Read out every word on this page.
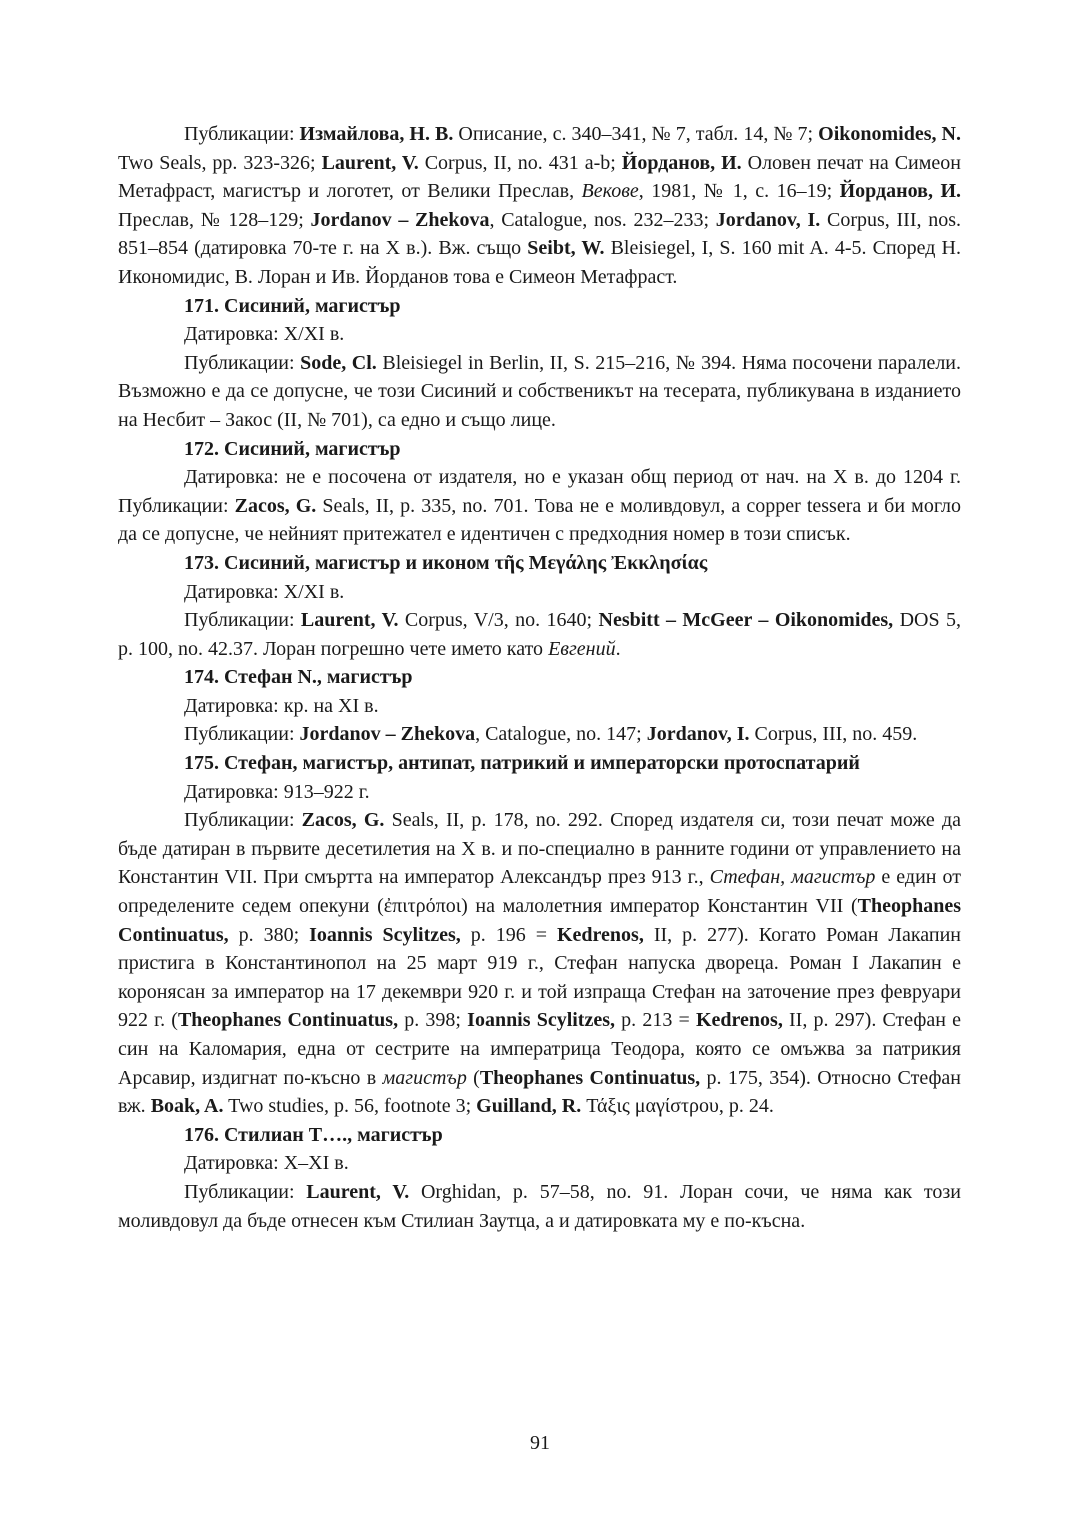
Публикации: Измайлова, Н. В. Описание, с. 340–341, № 7, табл. 14, № 7; Oikonomides, N. Two Seals, pp. 323-326; Laurent, V. Corpus, II, no. 431 a-b; Йорданов, И. Оловен печат на Симеон Метафраст, магистър и логотет, от Велики Преслав, Векове, 1981, № 1, с. 16–19; Йорданов, И. Преслав, № 128–129; Jordanov – Zhekova, Catalogue, nos. 232–233; Jordanov, I. Corpus, III, nos. 851–854 (датировка 70-те г. на X в.). Вж. също Seibt, W. Bleisiegel, I, S. 160 mit A. 4-5. Според Н. Икономидис, В. Лоран и Ив. Йорданов това е Симеон Метафраст.

171. Сисиний, магистър

Датировка: X/XI в.

Публикации: Sode, Cl. Bleisiegel in Berlin, II, S. 215–216, № 394. Няма посочени паралели. Възможно е да се допусне, че този Сисиний и собственикът на тесерата, публикувана в изданието на Несбит – Закос (II, № 701), са едно и също лице.

172. Сисиний, магистър

Датировка: не е посочена от издателя, но е указан общ период от нач. на X в. до 1204 г. Публикации: Zacos, G. Seals, II, p. 335, no. 701. Това не е моливдовул, а copper tessera и би могло да се допусне, че нейният притежател е идентичен с предходния номер в този списък.

173. Сисиний, магистър и иконом τῆς Μεγάλης Ἐκκλησίας

Датировка: X/XI в.

Публикации: Laurent, V. Corpus, V/3, no. 1640; Nesbitt – McGeer – Oikonomides, DOS 5, p. 100, no. 42.37. Лоран погрешно чете името като Евгений.

174. Стефан N., магистър

Датировка: кр. на XI в.

Публикации: Jordanov – Zhekova, Catalogue, no. 147; Jordanov, I. Corpus, III, no. 459.

175. Стефан, магистър, антипат, патрикий и императорски протоспатарий

Датировка: 913–922 г.

Публикации: Zacos, G. Seals, II, p. 178, no. 292. Според издателя си, този печат може да бъде датиран в първите десетилетия на X в. и по-специално в ранните години от управлението на Константин VII. При смъртта на император Александър през 913 г., Стефан, магистър е един от определените седем опекуни (ἐπιτρόποι) на малолетния император Константин VII (Theophanes Continuatus, p. 380; Ioannis Scylitzes, p. 196 = Kedrenos, II, p. 277). Когато Роман Лакапин пристига в Константинопол на 25 март 919 г., Стефан напуска двореца. Роман I Лакапин е коронясан за император на 17 декември 920 г. и той изпраща Стефан на заточение през февруари 922 г. (Theophanes Continuatus, p. 398; Ioannis Scylitzes, p. 213 = Kedrenos, II, p. 297). Стефан е син на Каломария, една от сестрите на императрица Теодора, която се омъжва за патрикия Арсавир, издигнат по-късно в магистър (Theophanes Continuatus, p. 175, 354). Относно Стефан вж. Boak, A. Two studies, p. 56, footnote 3; Guilland, R. Τάξις μαγίστρου, p. 24.

176. Стилиан Т…., магистър

Датировка: X–XI в.

Публикации: Laurent, V. Orghidan, p. 57–58, no. 91. Лоран сочи, че няма как този моливдовул да бъде отнесен към Стилиан Заутца, а и датировката му е по-късна.

91
